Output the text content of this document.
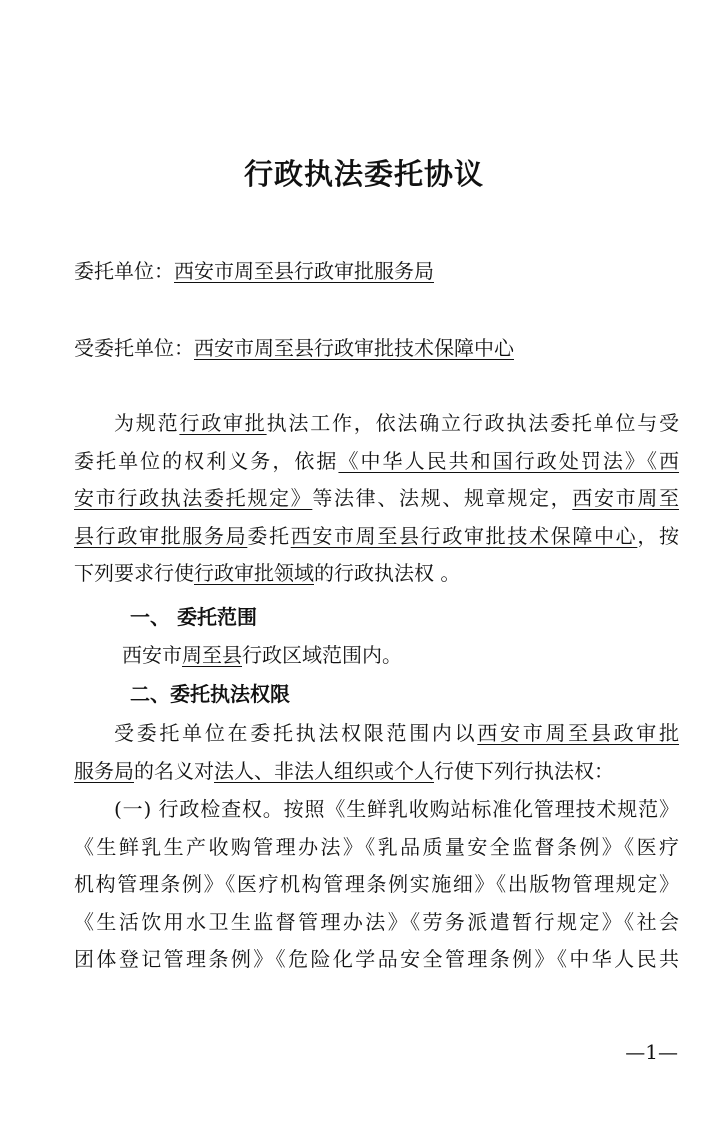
行政执法委托协议
委托单位：西安市周至县行政审批服务局
受委托单位：西安市周至县行政审批技术保障中心
为规范行政审批执法工作，依法确立行政执法委托单位与受
委托单位的权利义务，依据《中华人民共和国行政处罚法》《西
安市行政执法委托规定》等法律、法规、规章规定，西安市周至
县行政审批服务局委托西安市周至县行政审批技术保障中心，按
下列要求行使行政审批领域的行政执法权 。
一、 委托范围
西安市周至县行政区域范围内。
二、委托执法权限
受委托单位在委托执法权限范围内以西安市周至县政审批
服务局的名义对法人、非法人组织或个人行使下列行执法权：
(一) 行政检查权。按照《生鲜乳收购站标准化管理技术规范》
《生鲜乳生产收购管理办法》《乳品质量安全监督条例》《医疗
机构管理条例》《医疗机构管理条例实施细》《出版物管理规定》
《生活饮用水卫生监督管理办法》《劳务派遣暂行规定》《社会
团体登记管理条例》《危险化学品安全管理条例》《中华人民共
—1—
